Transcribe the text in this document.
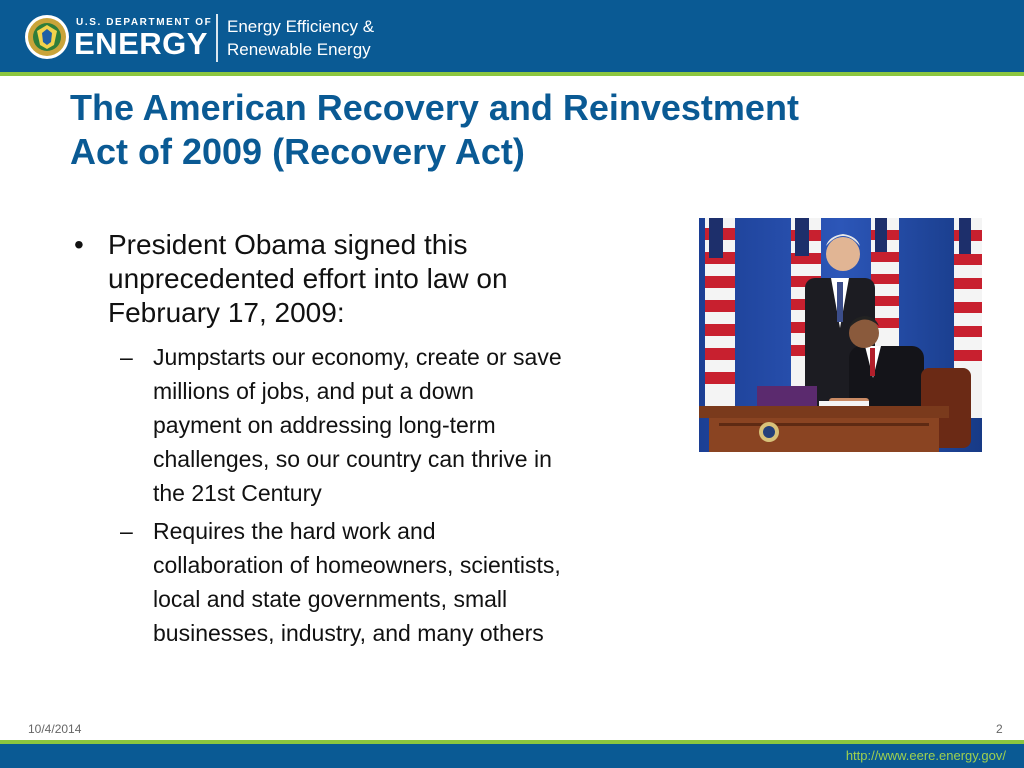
U.S. DEPARTMENT OF
ENERGY Energy Efficiency &
Renewable Energy
The American Recovery and Reinvestment
Act of 2009 (Recovery Act)
• President Obama signed this
unprecedented effort into law on
February 17, 2009:
– Jumpstarts our economy, create or save
millions of jobs, and put a down
payment on addressing long-term
challenges, so our country can thrive in
the 21st Century
– Requires the hard work and
collaboration of homeowners, scientists,
local and state governments, small
businesses, industry, and many others
10/4/2014	2
http://www.eere.energy.gov/
